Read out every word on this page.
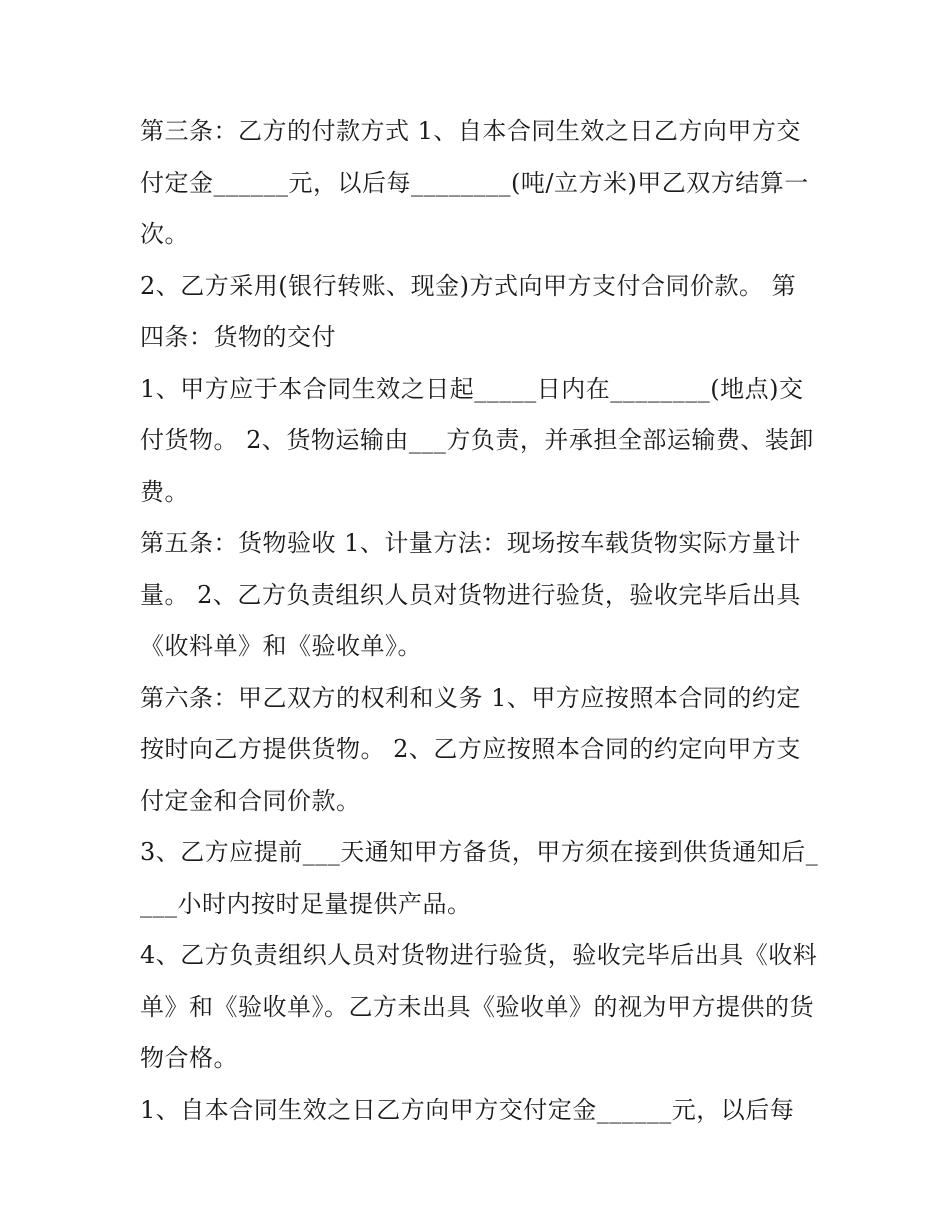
第三条：乙方的付款方式 1、自本合同生效之日乙方向甲方交付定金______元，以后每________(吨/立方米)甲乙双方结算一次。

2、乙方采用(银行转账、现金)方式向甲方支付合同价款。 第四条：货物的交付

1、甲方应于本合同生效之日起_____日内在________(地点)交付货物。 2、货物运输由___方负责，并承担全部运输费、装卸费。

第五条：货物验收 1、计量方法：现场按车载货物实际方量计量。 2、乙方负责组织人员对货物进行验货，验收完毕后出具《收料单》和《验收单》。

第六条：甲乙双方的权利和义务 1、甲方应按照本合同的约定按时向乙方提供货物。 2、乙方应按照本合同的约定向甲方支付定金和合同价款。

3、乙方应提前___天通知甲方备货，甲方须在接到供货通知后____小时内按时足量提供产品。

4、乙方负责组织人员对货物进行验货，验收完毕后出具《收料单》和《验收单》。乙方未出具《验收单》的视为甲方提供的货物合格。

1、自本合同生效之日乙方向甲方交付定金______元，以后每
